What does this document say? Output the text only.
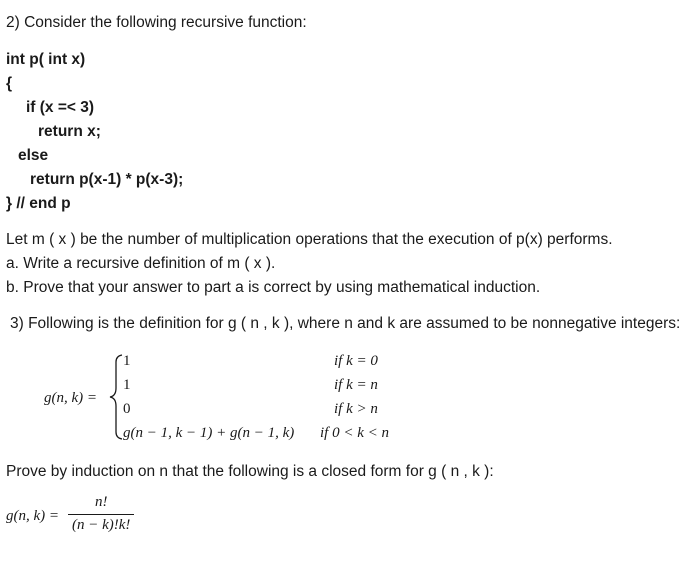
2) Consider the following recursive function:
int p( int x)
{
if (x =< 3)
return x;
else
return p(x-1) * p(x-3);
} // end p
Let m ( x ) be the number of multiplication operations that the execution of p(x) performs.
a. Write a recursive definition of m ( x ).
b. Prove that your answer to part a is correct by using mathematical induction.
3) Following is the definition for g ( n , k ), where n and k are assumed to be nonnegative integers:
g(n, k) =
1
1
0
g(n − 1, k − 1) + g(n − 1, k)
if k = 0
if k = n
if k > n
if 0 < k < n
Prove by induction on n that the following is a closed form for g ( n , k ):
g(n, k) =
n!
(n − k)!k!
